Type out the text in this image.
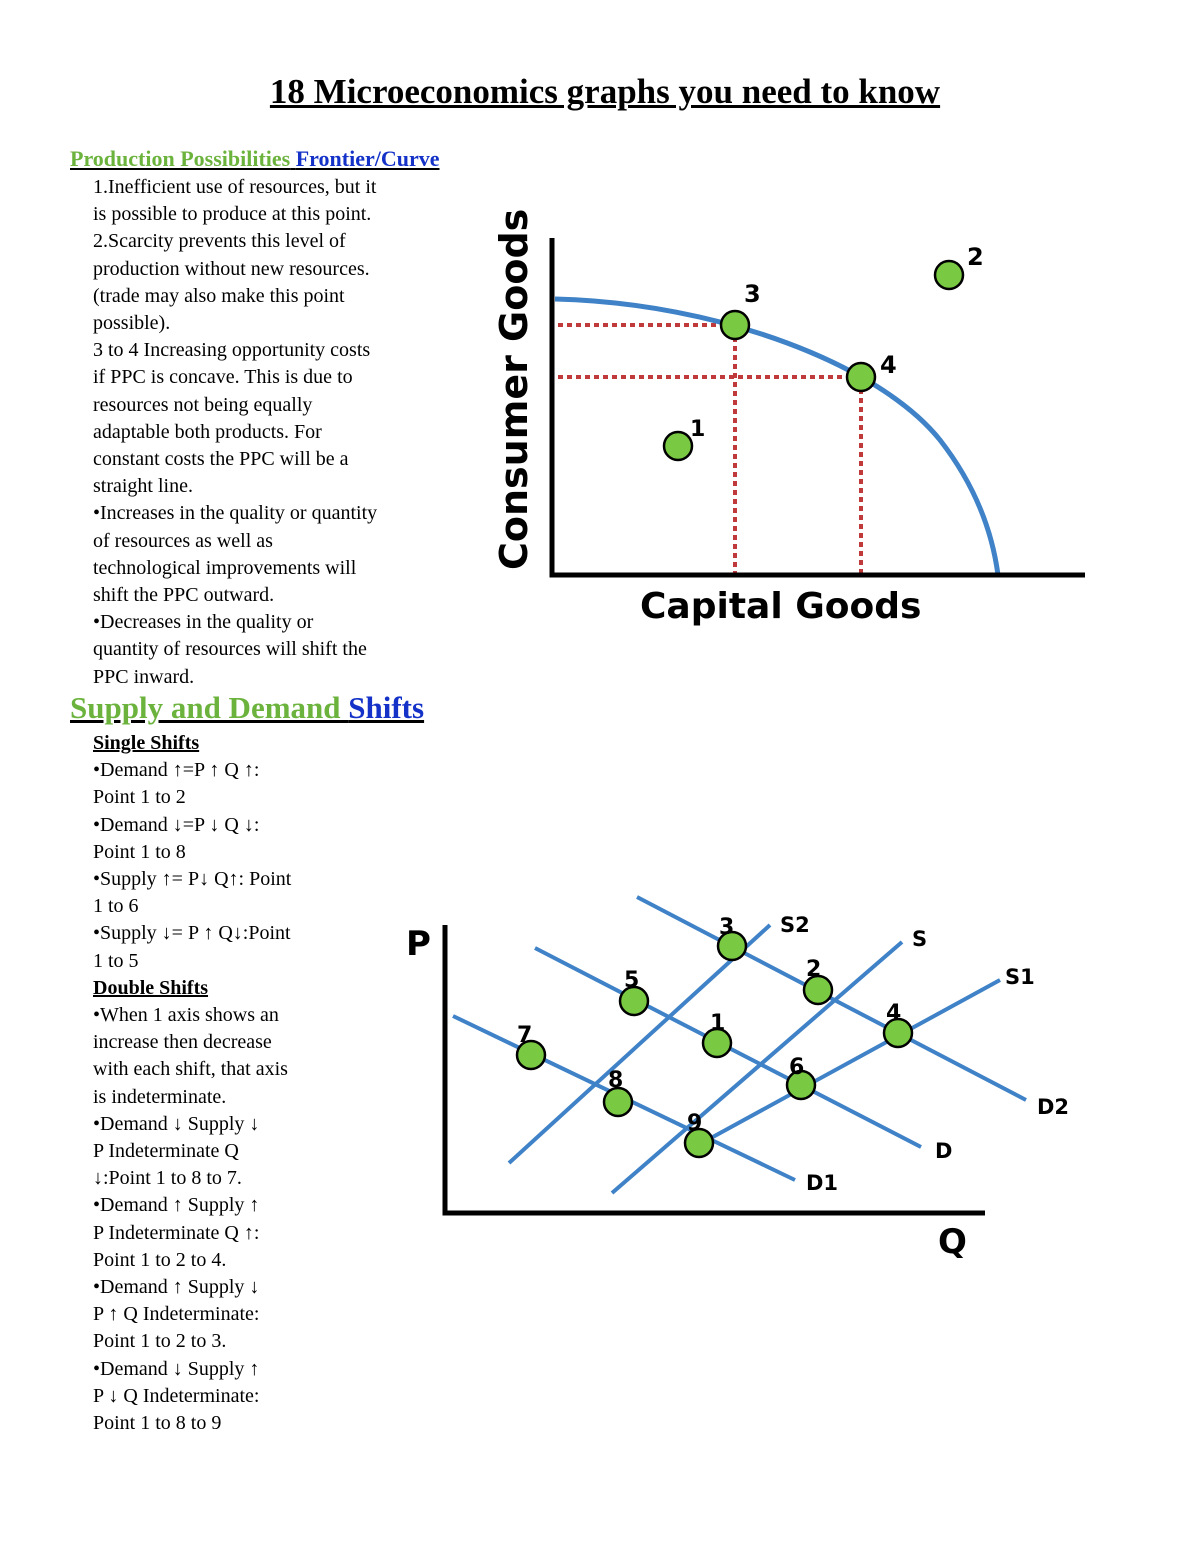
18 Microeconomics graphs you need to know
Production Possibilities Frontier/Curve
1.Inefficient use of resources, but it
is possible to produce at this point.
2.Scarcity prevents this level of
production without new resources.
(trade may also make this point
possible).
3 to 4 Increasing opportunity costs
if PPC is concave. This is due to
resources not being equally
adaptable both products. For
constant costs the PPC will be a
straight line.
•Increases in the quality or quantity
of resources as well as
technological improvements will
shift the PPC outward.
•Decreases in the quality or
quantity of resources will shift the
PPC inward.
Supply and Demand Shifts
Single Shifts
•Demand ↑=P ↑ Q ↑:
Point 1 to 2
•Demand ↓=P ↓ Q ↓:
Point 1 to 8
•Supply ↑= P↓ Q↑: Point
1 to 6
•Supply ↓= P ↑ Q↓:Point
1 to 5
Double Shifts
•When 1 axis shows an
increase then decrease
with each shift, that axis
is indeterminate.
•Demand ↓ Supply ↓
P Indeterminate Q
↓:Point 1 to 8 to 7.
•Demand ↑ Supply ↑
P Indeterminate Q ↑:
Point 1 to 2 to 4.
•Demand ↑ Supply ↓
P ↑ Q Indeterminate:
Point 1 to 2 to 3.
•Demand ↓ Supply ↑
P ↓ Q Indeterminate:
Point 1 to 8 to 9
Capital Goods
Consumer Goods	1
2
3
4
P
Q
S2
S
S1
D2
D
D1
1
2
3
4
5
6
7
8
9
